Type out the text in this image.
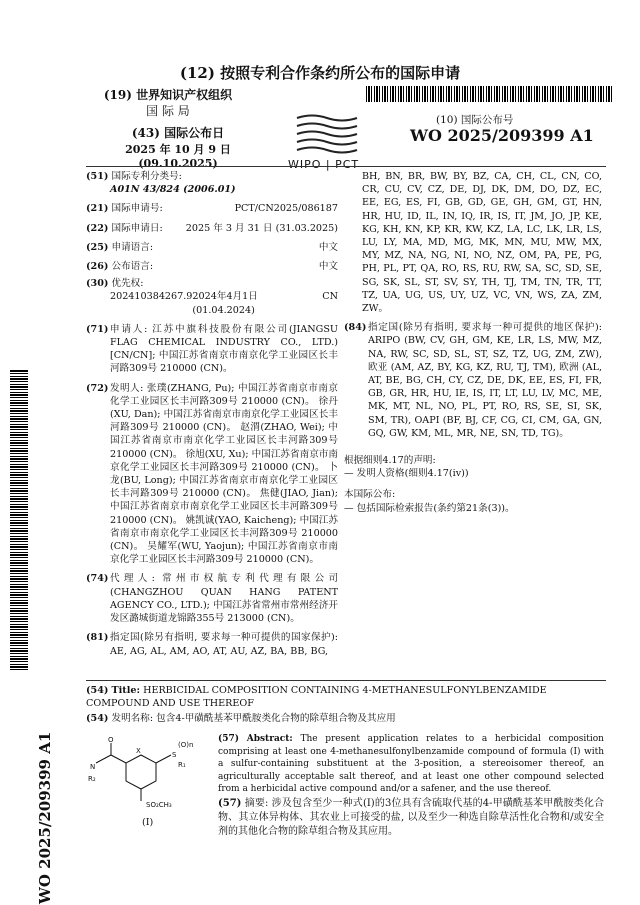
(12) 按照专利合作条约所公布的国际申请
(19) 世界知识产权组织
国 际 局
(43) 国际公布日
2025 年 10 月 9 日 (09.10.2025)	WIPO | PCT
(10) 国际公布号
WO 2025/209399 A1

(51) 国际专利分类号:

A01N 43/824 (2006.01)

(21) 国际申请号:	PCT/CN2025/086187

(22) 国际申请日: 2025 年 3 月 31 日 (31.03.2025)

(25) 申请语言:	中文

(26) 公布语言:	中文

(30) 优先权:

202410384267.9 2024年4月1日 (01.04.2024)
CN

(71) 申请人: 江苏中旗科技股份有限公司(JIANGSU FLAG CHEMICAL INDUSTRY CO., LTD.) [CN/CN]; 中国江苏省南京市南京化学工业园区长丰河路309号 210000 (CN)。

(72) 发明人: 张璞(ZHANG, Pu); 中国江苏省南京市南京化学工业园区长丰河路309号 210000 (CN)。 徐丹(XU, Dan); 中国江苏省南京市南京化学工业园区长丰河路309号 210000 (CN)。 赵渭(ZHAO, Wei); 中国江苏省南京市南京化学工业园区长丰河路309号 210000 (CN)。 徐旭(XU, Xu); 中国江苏省南京市南京化学工业园区长丰河路309号 210000 (CN)。 卜龙(BU, Long); 中国江苏省南京市南京化学工业园区长丰河路309号 210000 (CN)。 焦健(JIAO, Jian); 中国江苏省南京市南京化学工业园区长丰河路309号 210000 (CN)。 姚凯诚(YAO, Kaicheng); 中国江苏省南京市南京化学工业园区长丰河路309号 210000 (CN)。 吴耀军(WU, Yaojun); 中国江苏省南京市南京化学工业园区长丰河路309号 210000 (CN)。

(74) 代理人: 常州市权航专利代理有限公司(CHANGZHOU QUAN HANG PATENT AGENCY CO., LTD.); 中国江苏省常州市常州经济开发区潞城街道龙锦路355号 213000 (CN)。

(81) 指定国(除另有指明, 要求每一种可提供的国家保护): AE, AG, AL, AM, AO, AT, AU, AZ, BA, BB, BG,

BH, BN, BR, BW, BY, BZ, CA, CH, CL, CN, CO, CR, CU, CV, CZ, DE, DJ, DK, DM, DO, DZ, EC, EE, EG, ES, FI, GB, GD, GE, GH, GM, GT, HN, HR, HU, ID, IL, IN, IQ, IR, IS, IT, JM, JO, JP, KE, KG, KH, KN, KP, KR, KW, KZ, LA, LC, LK, LR, LS, LU, LY, MA, MD, MG, MK, MN, MU, MW, MX, MY, MZ, NA, NG, NI, NO, NZ, OM, PA, PE, PG, PH, PL, PT, QA, RO, RS, RU, RW, SA, SC, SD, SE, SG, SK, SL, ST, SV, SY, TH, TJ, TM, TN, TR, TT, TZ, UA, UG, US, UY, UZ, VC, VN, WS, ZA, ZM, ZW。

(84) 指定国(除另有指明, 要求每一种可提供的地区保护): ARIPO (BW, CV, GH, GM, KE, LR, LS, MW, MZ, NA, RW, SC, SD, SL, ST, SZ, TZ, UG, ZM, ZW), 欧亚 (AM, AZ, BY, KG, KZ, RU, TJ, TM), 欧洲 (AL, AT, BE, BG, CH, CY, CZ, DE, DK, EE, ES, FI, FR, GB, GR, HR, HU, IE, IS, IT, LT, LU, LV, MC, ME, MK, MT, NL, NO, PL, PT, RO, RS, SE, SI, SK, SM, TR), OAPI (BF, BJ, CF, CG, CI, CM, GA, GN, GQ, GW, KM, ML, MR, NE, SN, TD, TG)。

根据细则4.17的声明:

— 发明人资格(细则4.17(iv))

本国际公布:

— 包括国际检索报告(条约第21条(3))。

(54) Title: HERBICIDAL COMPOSITION CONTAINING 4-METHANESULFONYLBENZAMIDE COMPOUND AND USE THEREOF
(54) 发明名称: 包含4-甲磺酰基苯甲酰胺类化合物的除草组合物及其应用
O
N
R₂
X	S
(O)n
R₁
SO₂CH₃
(I)
(57) Abstract: The present application relates to a herbicidal composition comprising at least one 4-methanesulfonylbenzamide compound of formula (I) with a sulfur-containing substituent at the 3-position, a stereoisomer thereof, an agriculturally acceptable salt thereof, and at least one other compound selected from a herbicidal active compound and/or a safener, and the use thereof.
(57) 摘要: 涉及包含至少一种式(I)的3位具有含硫取代基的4-甲磺酰基苯甲酰胺类化合物、其立体异构体、其农业上可接受的盐, 以及至少一种选自除草活性化合物和/或安全剂的其他化合物的除草组合物及其应用。
WO 2025/209399 A1
